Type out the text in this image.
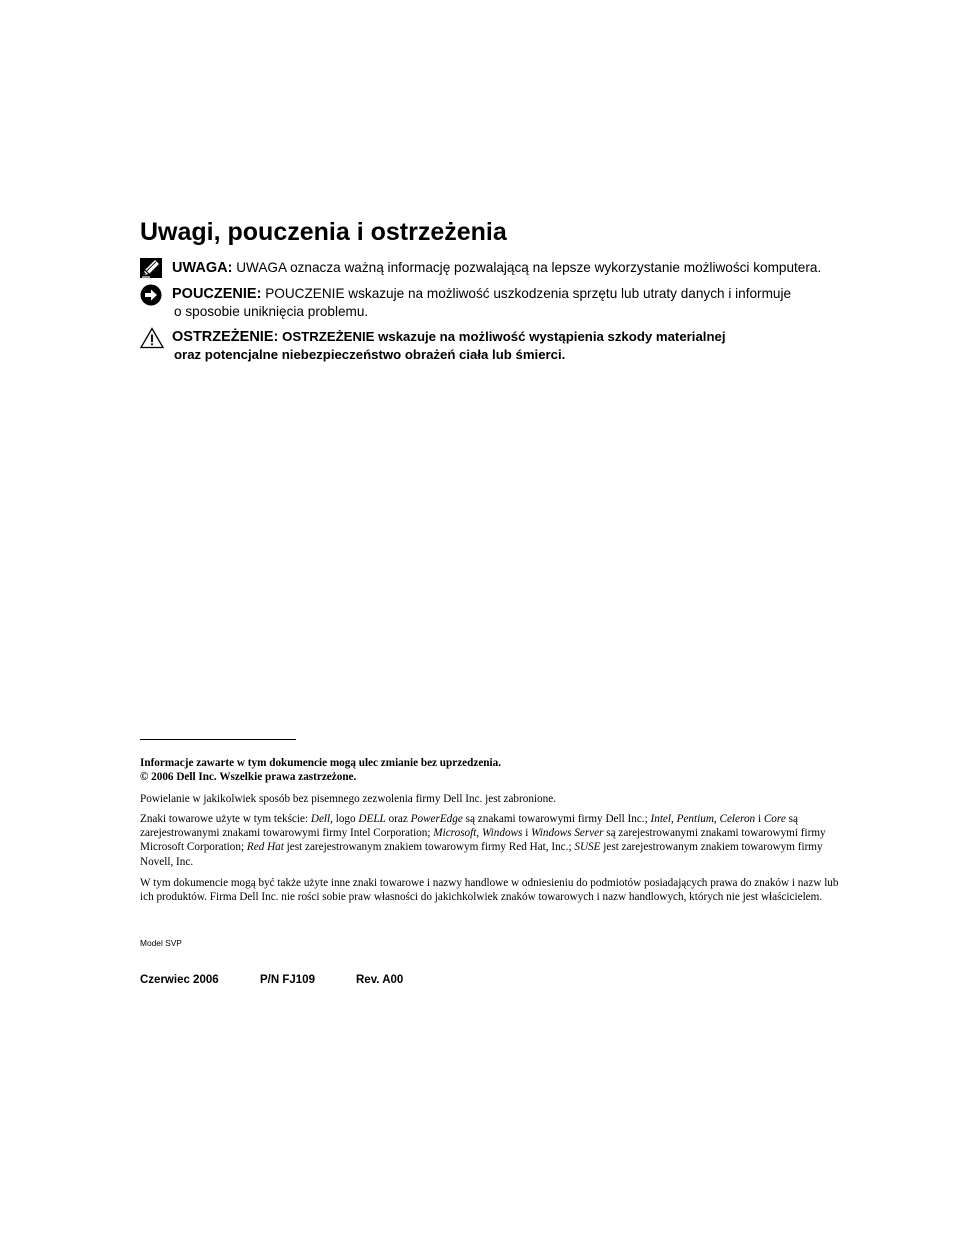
Uwagi, pouczenia i ostrzeżenia
UWAGA: UWAGA oznacza ważną informację pozwalającą na lepsze wykorzystanie możliwości komputera.
POUCZENIE: POUCZENIE wskazuje na możliwość uszkodzenia sprzętu lub utraty danych i informuje
o sposobie uniknięcia problemu.
OSTRZEŻENIE: OSTRZEŻENIE wskazuje na możliwość wystąpienia szkody materialnej
oraz potencjalne niebezpieczeństwo obrażeń ciała lub śmierci.

Informacje zawarte w tym dokumencie mogą ulec zmianie bez uprzedzenia.

© 2006 Dell Inc. Wszelkie prawa zastrzeżone.

Powielanie w jakikolwiek sposób bez pisemnego zezwolenia firmy Dell Inc. jest zabronione.

Znaki towarowe użyte w tym tekście: Dell, logo DELL oraz PowerEdge są znakami towarowymi firmy Dell Inc.; Intel, Pentium, Celeron i Core są zarejestrowanymi znakami towarowymi firmy Intel Corporation; Microsoft, Windows i Windows Server są zarejestrowanymi znakami towarowymi firmy Microsoft Corporation; Red Hat jest zarejestrowanym znakiem towarowym firmy Red Hat, Inc.; SUSE jest zarejestrowanym znakiem towarowym firmy Novell, Inc.

W tym dokumencie mogą być także użyte inne znaki towarowe i nazwy handlowe w odniesieniu do podmiotów posiadających prawa do znaków i nazw lub ich produktów. Firma Dell Inc. nie rości sobie praw własności do jakichkolwiek znaków towarowych i nazw handlowych, których nie jest właścicielem.

Model SVP
Czerwiec 2006	P/N FJ109	Rev. A00
